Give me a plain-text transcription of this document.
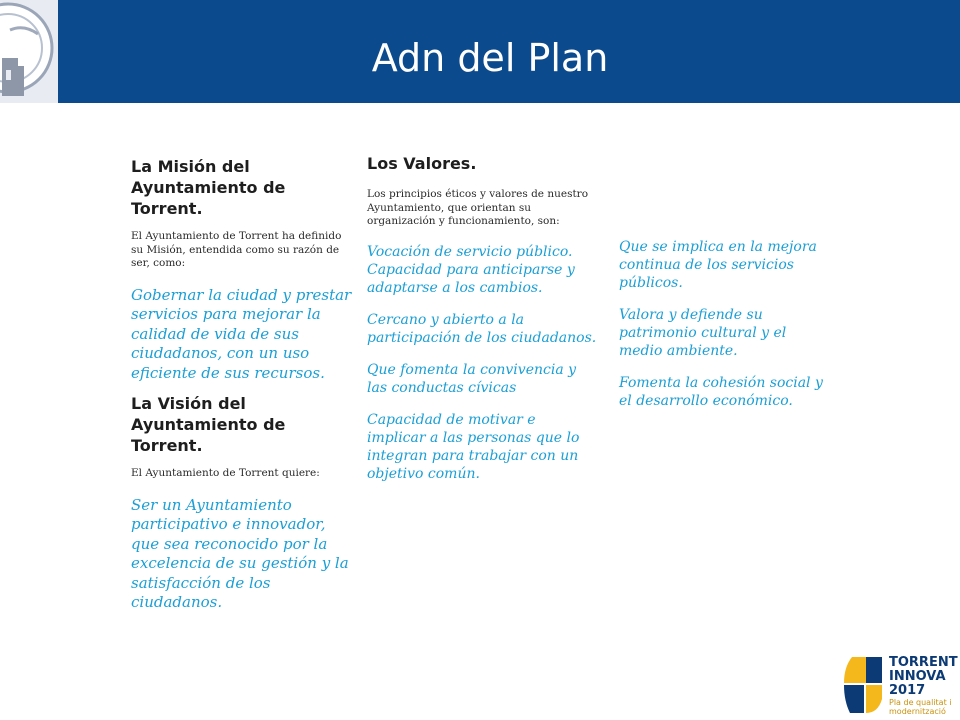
Adn del Plan

La Misión del Ayuntamiento de Torrent.

El Ayuntamiento de Torrent ha definido su Misión, entendida como su razón de ser, como:

Gobernar la ciudad y prestar servicios para mejorar la calidad de vida de sus ciudadanos, con un uso eficiente de sus recursos.

La Visión del Ayuntamiento de Torrent.

El Ayuntamiento de Torrent quiere:

Ser un Ayuntamiento participativo e innovador, que sea reconocido por la excelencia de su gestión y la satisfacción de los ciudadanos.

Los Valores.

Los principios éticos y valores de nuestro Ayuntamiento, que orientan su organización y funcionamiento, son:

Vocación de servicio público.

Capacidad para anticiparse y adaptarse a los cambios.

Cercano y abierto a la participación de los ciudadanos.

Que fomenta la convivencia y las conductas cívicas

Capacidad de motivar e implicar a las personas que lo integran para trabajar con un objetivo común.

Que se implica en la mejora continua de los servicios públicos.

Valora y defiende su patrimonio cultural y el medio ambiente.

Fomenta la cohesión social y el desarrollo económico.

TORRENT
INNOVA
2017
Pla de qualitat i
modernització
